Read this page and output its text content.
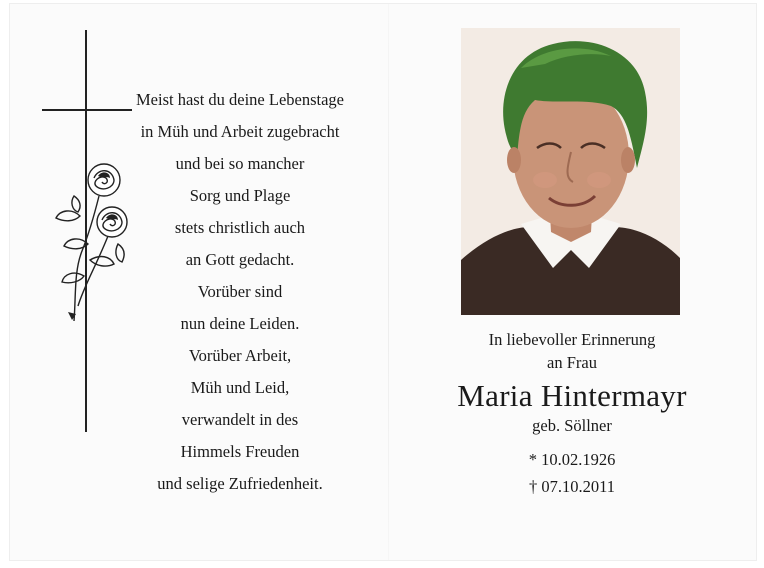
Meist hast du deine Lebenstage
in Müh und Arbeit zugebracht
und bei so mancher
Sorg und Plage
stets christlich auch
an Gott gedacht.
Vorüber sind
nun deine Leiden.
Vorüber Arbeit,
Müh und Leid,
verwandelt in des
Himmels Freuden
und selige Zufriedenheit.
In liebevoller Erinnerung
an Frau
Maria Hintermayr
geb. Söllner
* 10.02.1926
† 07.10.2011
